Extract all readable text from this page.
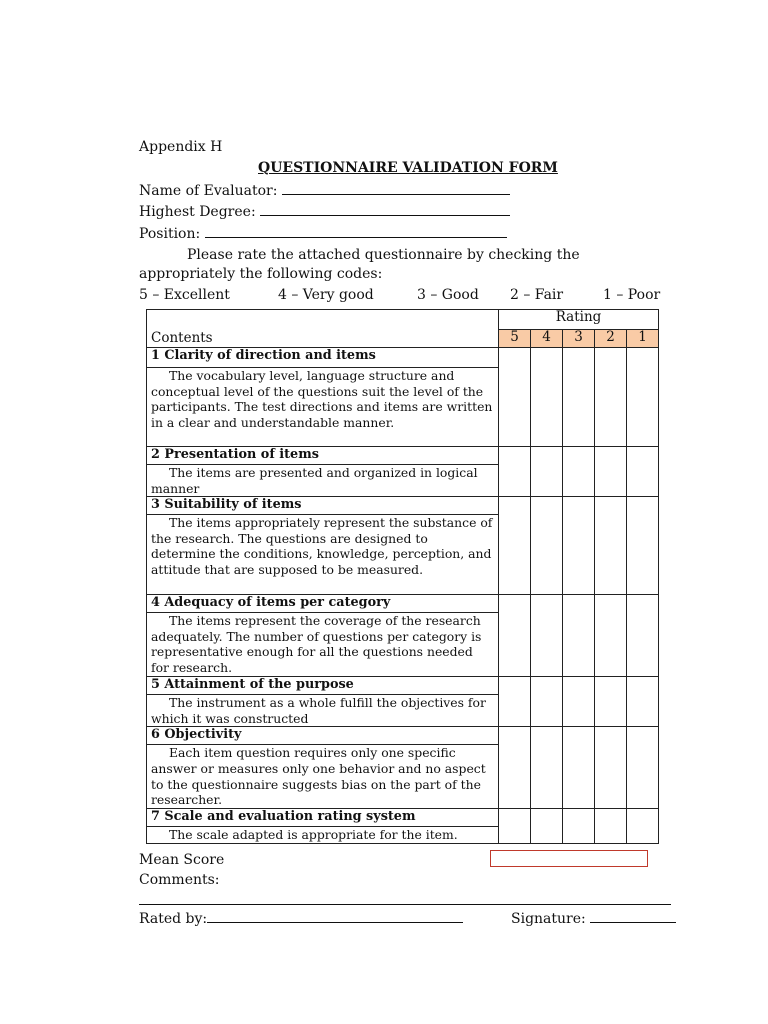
Appendix H
QUESTIONNAIRE VALIDATION FORM
Name of Evaluator:
Highest Degree:
Position:
Please rate the attached questionnaire by checking the
appropriately the following codes:
5 – Excellent	4 – Very good	3 – Good 2 – Fair	1 – Poor
Contents	Rating				
	5	4	3	2	1
1 Clarity of direction and items					
The vocabulary level, language structure and conceptual level of the questions suit the level of the participants. The test directions and items are written in a clear and understandable manner.					
2 Presentation of items					
The items are presented and organized in logical manner					
3 Suitability of items					
The items appropriately represent the substance of the research. The questions are designed to determine the conditions, knowledge, perception, and attitude that are supposed to be measured.					
4 Adequacy of items per category					
The items represent the coverage of the research adequately. The number of questions per category is representative enough for all the questions needed for research.					
5 Attainment of the purpose					
The instrument as a whole fulfill the objectives for which it was constructed					
6 Objectivity					
Each item question requires only one specific answer or measures only one behavior and no aspect to the questionnaire suggests bias on the part of the researcher.					
7 Scale and evaluation rating system					
The scale adapted is appropriate for the item.					
Mean Score
Comments:
Rated by:	Signature:
